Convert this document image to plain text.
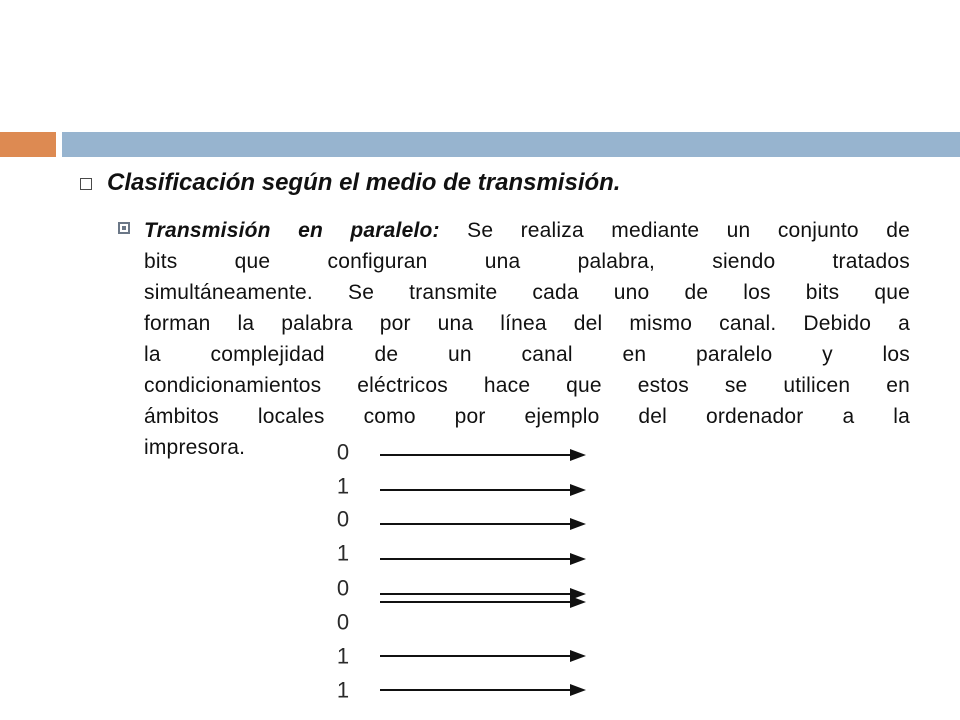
Clasificación según el medio de transmisión.
Transmisión en paralelo: Se realiza mediante un conjunto de
bits que configuran una palabra, siendo tratados
simultáneamente. Se transmite cada uno de los bits que
forman la palabra por una línea del mismo canal. Debido a
la complejidad de un canal en paralelo y los
condicionamientos eléctricos hace que estos se utilicen en
ámbitos locales como por ejemplo del ordenador a la
impresora.	0
1
0
1
0
0
1
1
